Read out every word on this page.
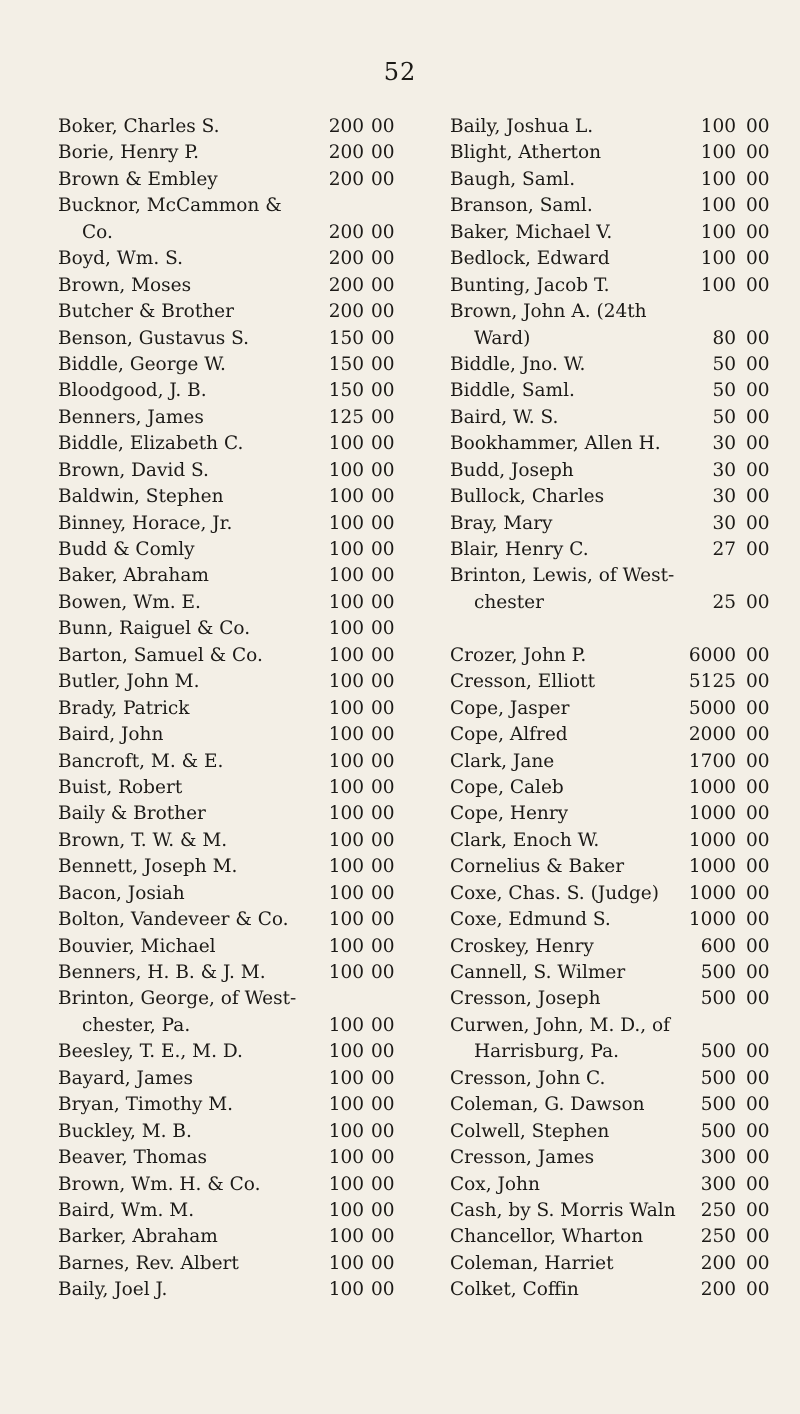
52
Boker, Charles S.	200 00
Borie, Henry P.	200 00
Brown & Embley	200 00
Bucknor, McCammon &
Co.	200 00
Boyd, Wm. S.	200 00
Brown, Moses	200 00
Butcher & Brother	200 00
Benson, Gustavus S.	150 00
Biddle, George W.	150 00
Bloodgood, J. B.	150 00
Benners, James	125 00
Biddle, Elizabeth C.	100 00
Brown, David S.	100 00
Baldwin, Stephen	100 00
Binney, Horace, Jr.	100 00
Budd & Comly	100 00
Baker, Abraham	100 00
Bowen, Wm. E.	100 00
Bunn, Raiguel & Co.	100 00
Barton, Samuel & Co.	100 00
Butler, John M.	100 00
Brady, Patrick	100 00
Baird, John	100 00
Bancroft, M. & E.	100 00
Buist, Robert	100 00
Baily & Brother	100 00
Brown, T. W. & M.	100 00
Bennett, Joseph M.	100 00
Bacon, Josiah	100 00
Bolton, Vandeveer & Co.	100 00
Bouvier, Michael	100 00
Benners, H. B. & J. M.	100 00
Brinton, George, of West-
chester, Pa.	100 00
Beesley, T. E., M. D.	100 00
Bayard, James	100 00
Bryan, Timothy M.	100 00
Buckley, M. B.	100 00
Beaver, Thomas	100 00
Brown, Wm. H. & Co.	100 00
Baird, Wm. M.	100 00
Barker, Abraham	100 00
Barnes, Rev. Albert	100 00
Baily, Joel J.	100 00
Baily, Joshua L.	100 00
Blight, Atherton	100 00
Baugh, Saml.	100 00
Branson, Saml.	100 00
Baker, Michael V.	100 00
Bedlock, Edward	100 00
Bunting, Jacob T.	100 00
Brown, John A. (24th
Ward)	80 00
Biddle, Jno. W.	50 00
Biddle, Saml.	50 00
Baird, W. S.	50 00
Bookhammer, Allen H.	30 00
Budd, Joseph	30 00
Bullock, Charles	30 00
Bray, Mary	30 00
Blair, Henry C.	27 00
Brinton, Lewis, of West-
chester	25 00
Crozer, John P.	6000 00
Cresson, Elliott	5125 00
Cope, Jasper	5000 00
Cope, Alfred	2000 00
Clark, Jane	1700 00
Cope, Caleb	1000 00
Cope, Henry	1000 00
Clark, Enoch W.	1000 00
Cornelius & Baker	1000 00
Coxe, Chas. S. (Judge)	1000 00
Coxe, Edmund S.	1000 00
Croskey, Henry	600 00
Cannell, S. Wilmer	500 00
Cresson, Joseph	500 00
Curwen, John, M. D., of
Harrisburg, Pa.	500 00
Cresson, John C.	500 00
Coleman, G. Dawson	500 00
Colwell, Stephen	500 00
Cresson, James	300 00
Cox, John	300 00
Cash, by S. Morris Waln	250 00
Chancellor, Wharton	250 00
Coleman, Harriet	200 00
Colket, Coffin	200 00
